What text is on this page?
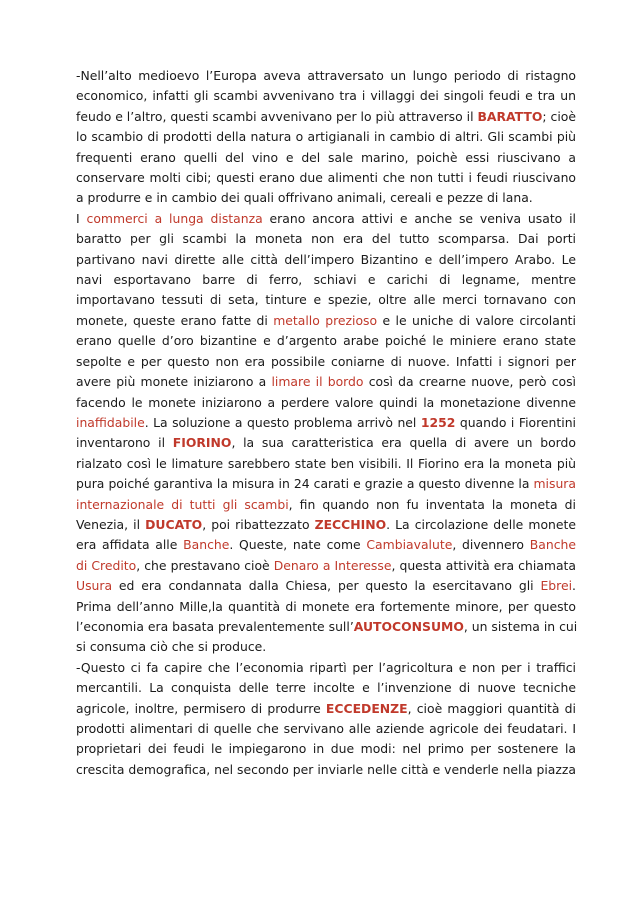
-Nell’alto medioevo l’Europa aveva attraversato un lungo periodo di ristagno
economico, infatti gli scambi avvenivano tra i villaggi dei singoli feudi e tra un
feudo e l’altro, questi scambi avvenivano per lo più attraverso il BARATTO; cioè
lo scambio di prodotti della natura o artigianali in cambio di altri. Gli scambi più
frequenti erano quelli del vino e del sale marino, poichè essi riuscivano a
conservare molti cibi; questi erano due alimenti che non tutti i feudi riuscivano
a produrre e in cambio dei quali offrivano animali, cereali e pezze di lana.
I commerci a lunga distanza erano ancora attivi e anche se veniva usato il
baratto per gli scambi la moneta non era del tutto scomparsa. Dai porti
partivano navi dirette alle città dell’impero Bizantino e dell’impero Arabo. Le
navi esportavano barre di ferro, schiavi e carichi di legname, mentre
importavano tessuti di seta, tinture e spezie, oltre alle merci tornavano con
monete, queste erano fatte di metallo prezioso e le uniche di valore circolanti
erano quelle d’oro bizantine e d’argento arabe poiché le miniere erano state
sepolte e per questo non era possibile coniarne di nuove. Infatti i signori per
avere più monete iniziarono a limare il bordo così da crearne nuove, però così
facendo le monete iniziarono a perdere valore quindi la monetazione divenne
inaffidabile. La soluzione a questo problema arrivò nel 1252 quando i Fiorentini
inventarono il FIORINO, la sua caratteristica era quella di avere un bordo
rialzato così le limature sarebbero state ben visibili. Il Fiorino era la moneta più
pura poiché garantiva la misura in 24 carati e grazie a questo divenne la misura
internazionale di tutti gli scambi, fin quando non fu inventata la moneta di
Venezia, il DUCATO, poi ribattezzato ZECCHINO. La circolazione delle monete
era affidata alle Banche. Queste, nate come Cambiavalute, divennero Banche
di Credito, che prestavano cioè Denaro a Interesse, questa attività era chiamata
Usura ed era condannata dalla Chiesa, per questo la esercitavano gli Ebrei.
Prima dell’anno Mille,la quantità di monete era fortemente minore, per questo
l’economia era basata prevalentemente sull’AUTOCONSUMO, un sistema in cui
si consuma ciò che si produce.
-Questo ci fa capire che l’economia ripartì per l’agricoltura e non per i traffici
mercantili. La conquista delle terre incolte e l’invenzione di nuove tecniche
agricole, inoltre, permisero di produrre ECCEDENZE, cioè maggiori quantità di
prodotti alimentari di quelle che servivano alle aziende agricole dei feudatari. I
proprietari dei feudi le impiegarono in due modi: nel primo per sostenere la
crescita demografica, nel secondo per inviarle nelle città e venderle nella piazza
